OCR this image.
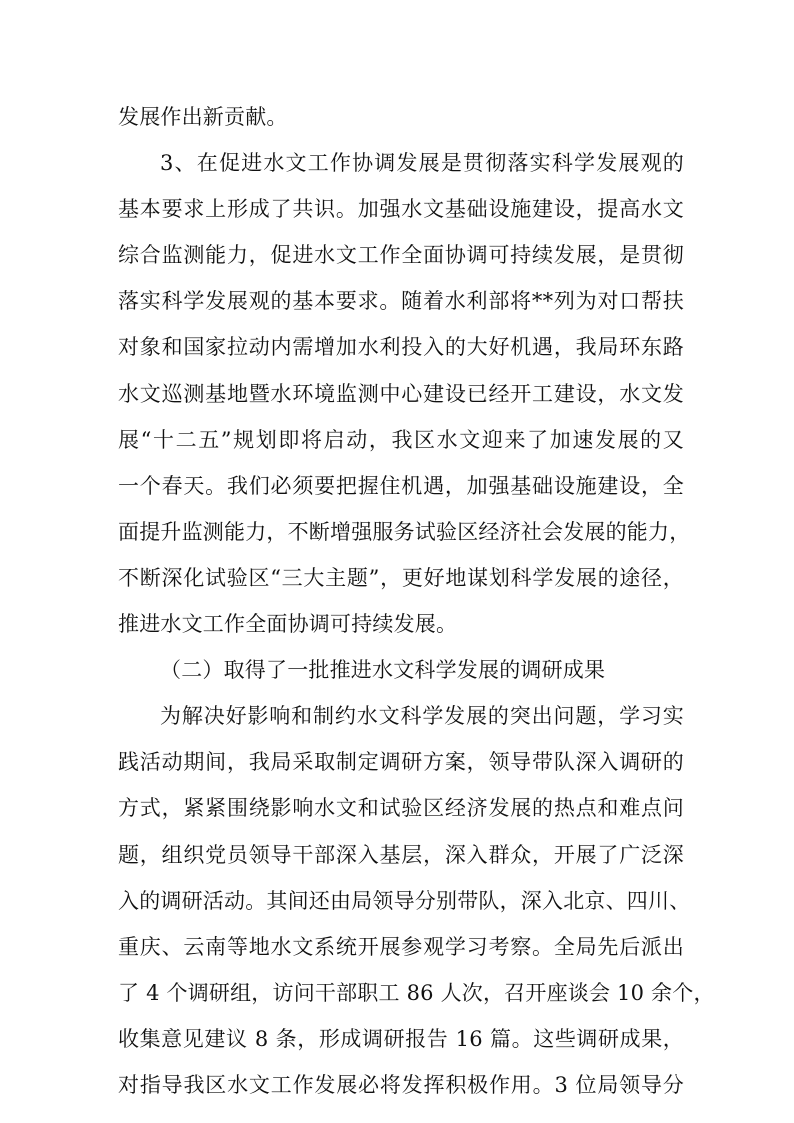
发展作出新贡献。
3、在促进水文工作协调发展是贯彻落实科学发展观的
基本要求上形成了共识。加强水文基础设施建设，提高水文
综合监测能力，促进水文工作全面协调可持续发展，是贯彻
落实科学发展观的基本要求。随着水利部将**列为对口帮扶
对象和国家拉动内需增加水利投入的大好机遇，我局环东路
水文巡测基地暨水环境监测中心建设已经开工建设，水文发
展“十二五”规划即将启动，我区水文迎来了加速发展的又
一个春天。我们必须要把握住机遇，加强基础设施建设，全
面提升监测能力，不断增强服务试验区经济社会发展的能力，
不断深化试验区“三大主题”，更好地谋划科学发展的途径，
推进水文工作全面协调可持续发展。
（二）取得了一批推进水文科学发展的调研成果
为解决好影响和制约水文科学发展的突出问题，学习实
践活动期间，我局采取制定调研方案，领导带队深入调研的
方式，紧紧围绕影响水文和试验区经济发展的热点和难点问
题，组织党员领导干部深入基层，深入群众，开展了广泛深
入的调研活动。其间还由局领导分别带队，深入北京、四川、
重庆、云南等地水文系统开展参观学习考察。全局先后派出
了 4 个调研组，访问干部职工 86 人次，召开座谈会 10 余个，
收集意见建议 8 条，形成调研报告 16 篇。这些调研成果，
对指导我区水文工作发展必将发挥积极作用。3 位局领导分
